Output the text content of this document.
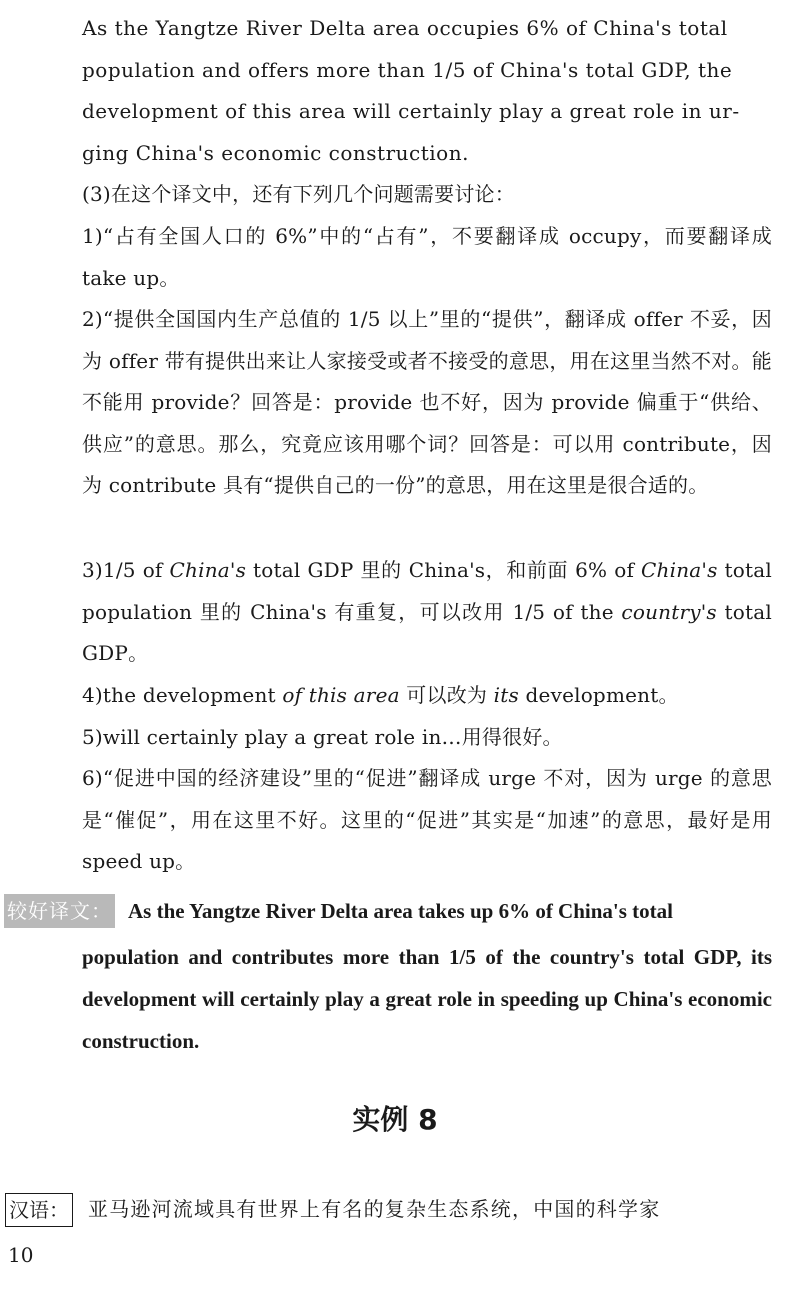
As the Yangtze River Delta area occupies 6% of China's total
population and offers more than 1/5 of China's total GDP, the
development of this area will certainly play a great role in ur-
ging China's economic construction.

(3)在这个译文中，还有下列几个问题需要讨论：

1)“占有全国人口的 6%”中的“占有”，不要翻译成 occupy，而要翻译成 take up。

2)“提供全国国内生产总值的 1/5 以上”里的“提供”，翻译成 offer 不妥，因为 offer 带有提供出来让人家接受或者不接受的意思，用在这里当然不对。能不能用 provide？回答是：provide 也不好，因为 provide 偏重于“供给、供应”的意思。那么，究竟应该用哪个词？回答是：可以用 contribute，因为 contribute 具有“提供自己的一份”的意思，用在这里是很合适的。

3)1/5 of China's total GDP 里的 China's，和前面 6% of China's total population 里的 China's 有重复，可以改用 1/5 of the country's total GDP。

4)the development of this area 可以改为 its development。

5)will certainly play a great role in…用得很好。

6)“促进中国的经济建设”里的“促进”翻译成 urge 不对，因为 urge 的意思是“催促”，用在这里不好。这里的“促进”其实是“加速”的意思，最好是用 speed up。

较好译文： As the Yangtze River Delta area takes up 6% of China's total

population and contributes more than 1/5 of the country's total GDP, its development will certainly play a great role in speeding up China's economic construction.

实例 8
汉语： 亚马逊河流域具有世界上有名的复杂生态系统，中国的科学家
10
